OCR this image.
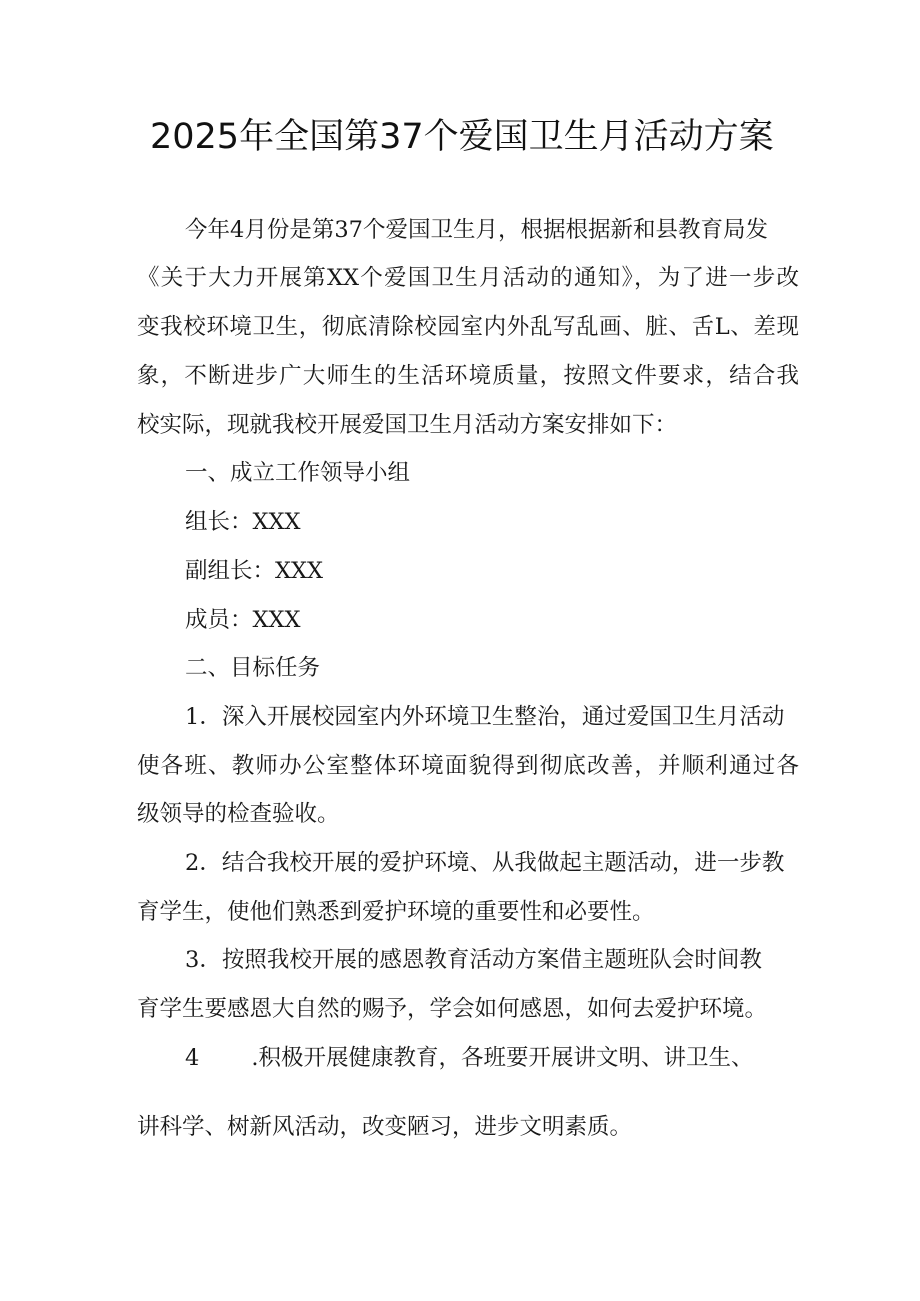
2025年全国第37个爱国卫生月活动方案
今年4月份是第37个爱国卫生月，根据根据新和县教育局发
《关于大力开展第XX个爱国卫生月活动的通知》，为了进一步改
变我校环境卫生，彻底清除校园室内外乱写乱画、脏、舌L、差现
象，不断进步广大师生的生活环境质量，按照文件要求，结合我
校实际，现就我校开展爱国卫生月活动方案安排如下：
一、成立工作领导小组
组长：XXX
副组长：XXX
成员：XXX
二、目标任务
1．深入开展校园室内外环境卫生整治，通过爱国卫生月活动
使各班、教师办公室整体环境面貌得到彻底改善，并顺利通过各
级领导的检查验收。
2．结合我校开展的爱护环境、从我做起主题活动，进一步教
育学生，使他们熟悉到爱护环境的重要性和必要性。
3．按照我校开展的感恩教育活动方案借主题班队会时间教
育学生要感恩大自然的赐予，学会如何感恩，如何去爱护环境。
4 .积极开展健康教育，各班要开展讲文明、讲卫生、
讲科学、树新风活动，改变陋习，进步文明素质。
